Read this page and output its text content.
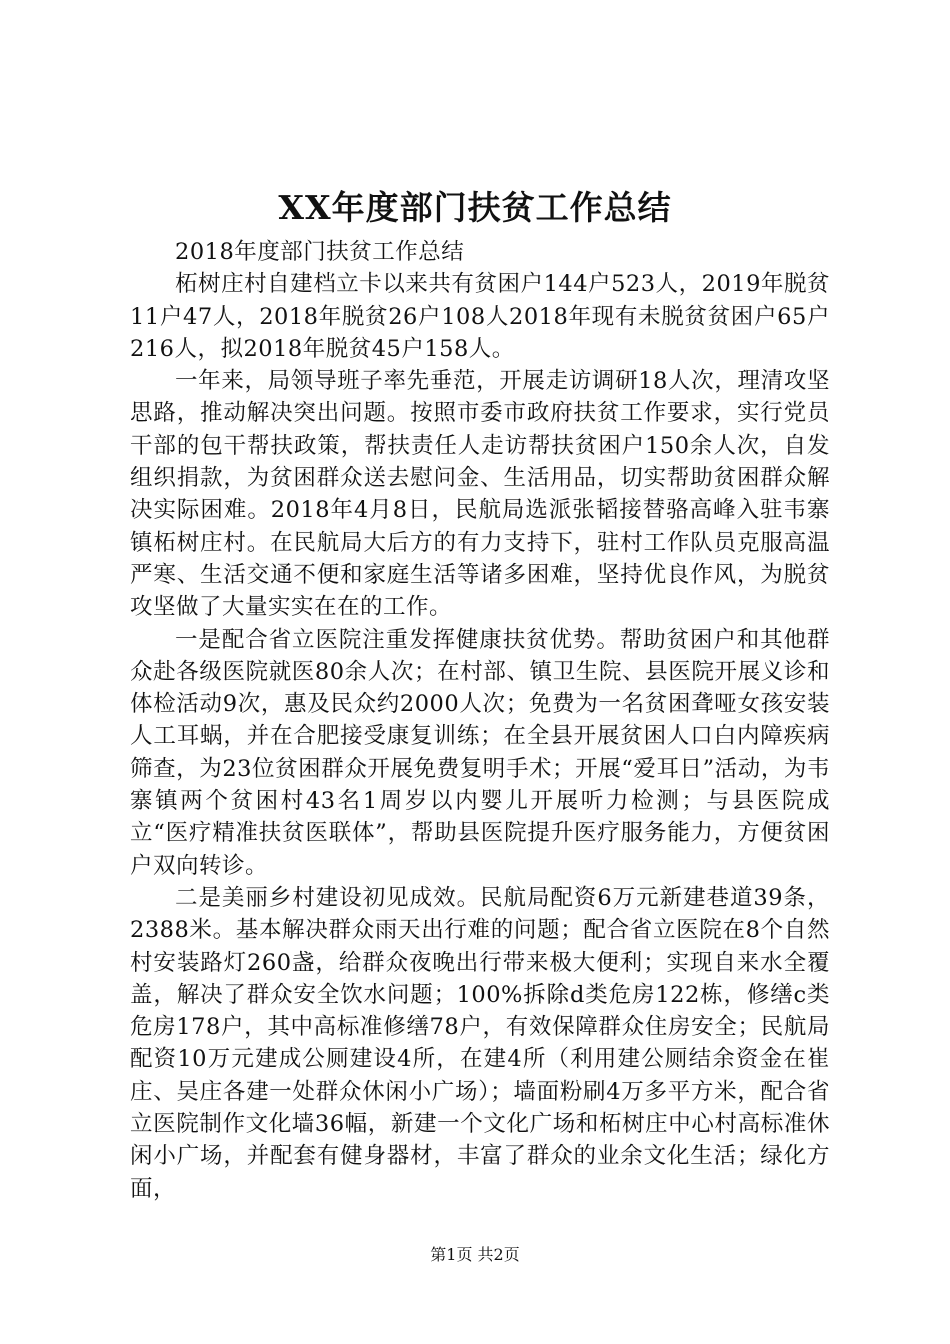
XX年度部门扶贫工作总结

2018年度部门扶贫工作总结

柘树庄村自建档立卡以来共有贫困户144户523人，2019年脱贫11户47人，2018年脱贫26户108人2018年现有未脱贫贫困户65户216人，拟2018年脱贫45户158人。

一年来，局领导班子率先垂范，开展走访调研18人次，理清攻坚思路，推动解决突出问题。按照市委市政府扶贫工作要求，实行党员干部的包干帮扶政策，帮扶责任人走访帮扶贫困户150余人次，自发组织捐款，为贫困群众送去慰问金、生活用品，切实帮助贫困群众解决实际困难。2018年4月8日，民航局选派张韬接替骆高峰入驻韦寨镇柘树庄村。在民航局大后方的有力支持下，驻村工作队员克服高温严寒、生活交通不便和家庭生活等诸多困难，坚持优良作风，为脱贫攻坚做了大量实实在在的工作。

一是配合省立医院注重发挥健康扶贫优势。帮助贫困户和其他群众赴各级医院就医80余人次；在村部、镇卫生院、县医院开展义诊和体检活动9次，惠及民众约2000人次；免费为一名贫困聋哑女孩安装人工耳蜗，并在合肥接受康复训练；在全县开展贫困人口白内障疾病筛查，为23位贫困群众开展免费复明手术；开展“爱耳日”活动，为韦寨镇两个贫困村43名1周岁以内婴儿开展听力检测；与县医院成立“医疗精准扶贫医联体”，帮助县医院提升医疗服务能力，方便贫困户双向转诊。

二是美丽乡村建设初见成效。民航局配资6万元新建巷道39条，2388米。基本解决群众雨天出行难的问题；配合省立医院在8个自然村安装路灯260盏，给群众夜晚出行带来极大便利；实现自来水全覆盖，解决了群众安全饮水问题；100%拆除d类危房122栋，修缮c类危房178户，其中高标准修缮78户，有效保障群众住房安全；民航局配资10万元建成公厕建设4所，在建4所（利用建公厕结余资金在崔庄、吴庄各建一处群众休闲小广场）；墙面粉刷4万多平方米，配合省立医院制作文化墙36幅，新建一个文化广场和柘树庄中心村高标准休闲小广场，并配套有健身器材，丰富了群众的业余文化生活；绿化方面，

第1页 共2页
